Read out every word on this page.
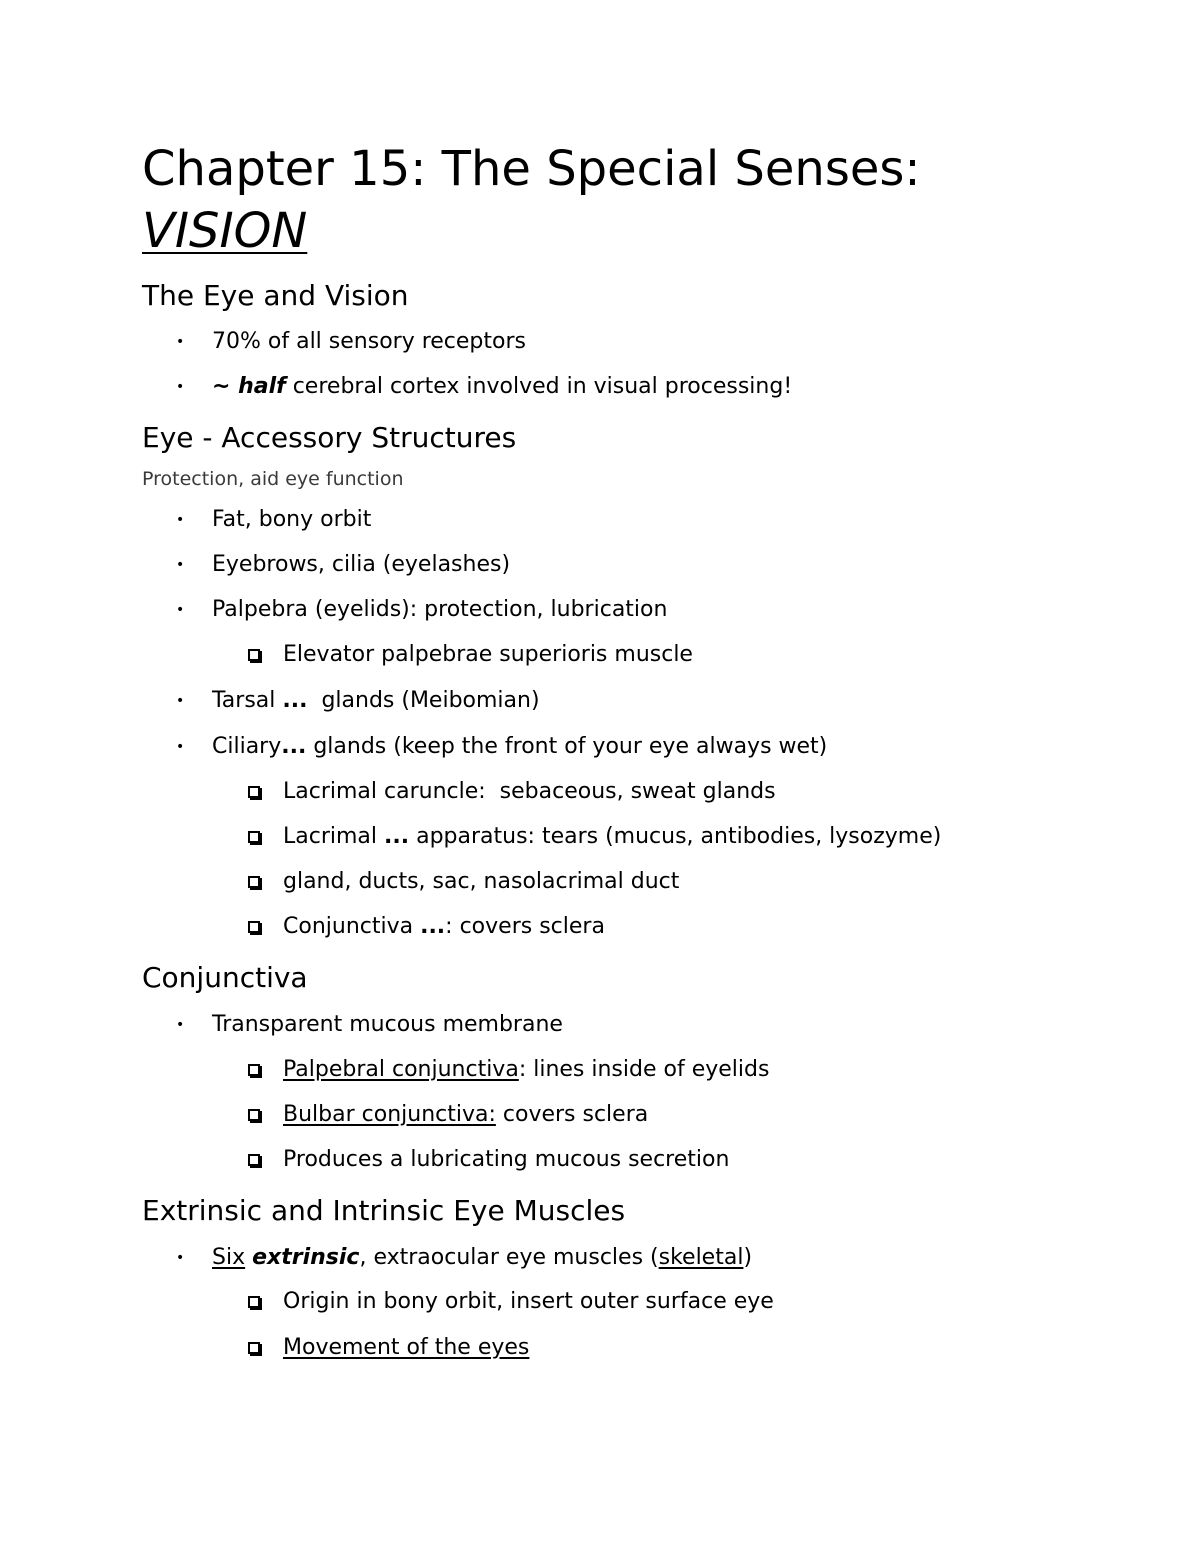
Chapter 15: The Special Senses:
VISION
The Eye and Vision
• 70% of all sensory receptors
• ~ half cerebral cortex involved in visual processing!
Eye - Accessory Structures

Protection, aid eye function

• Fat, bony orbit
• Eyebrows, cilia (eyelashes)
• Palpebra (eyelids): protection, lubrication
Elevator palpebrae superioris muscle
• Tarsal ...  glands (Meibomian)
• Ciliary... glands (keep the front of your eye always wet)
Lacrimal caruncle:  sebaceous, sweat glands
Lacrimal ... apparatus: tears (mucus, antibodies, lysozyme)
gland, ducts, sac, nasolacrimal duct
Conjunctiva ...: covers sclera
Conjunctiva
• Transparent mucous membrane
Palpebral conjunctiva: lines inside of eyelids
Bulbar conjunctiva: covers sclera
Produces a lubricating mucous secretion
Extrinsic and Intrinsic Eye Muscles
• Six extrinsic, extraocular eye muscles (skeletal)
Origin in bony orbit, insert outer surface eye
Movement of the eyes
